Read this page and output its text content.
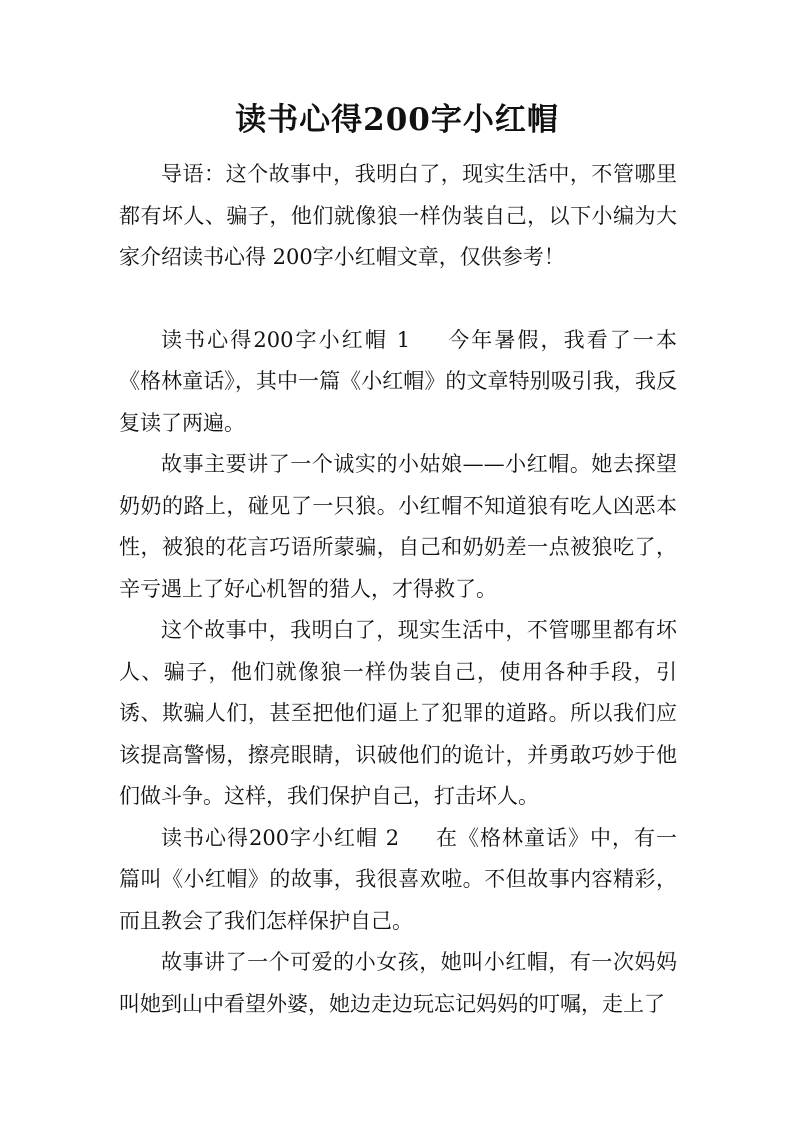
读书心得200字小红帽

导语：这个故事中，我明白了，现实生活中，不管哪里都有坏人、骗子，他们就像狼一样伪装自己，以下小编为大家介绍读书心得 200字小红帽文章，仅供参考！

读书心得200字小红帽 1 今年暑假，我看了一本《格林童话》，其中一篇《小红帽》的文章特别吸引我，我反复读了两遍。

故事主要讲了一个诚实的小姑娘——小红帽。她去探望奶奶的路上，碰见了一只狼。小红帽不知道狼有吃人凶恶本性，被狼的花言巧语所蒙骗，自己和奶奶差一点被狼吃了，辛亏遇上了好心机智的猎人，才得救了。

这个故事中，我明白了，现实生活中，不管哪里都有坏人、骗子，他们就像狼一样伪装自己，使用各种手段，引诱、欺骗人们，甚至把他们逼上了犯罪的道路。所以我们应该提高警惕，擦亮眼睛，识破他们的诡计，并勇敢巧妙于他们做斗争。这样，我们保护自己，打击坏人。

读书心得200字小红帽 2 在《格林童话》中，有一篇叫《小红帽》的故事，我很喜欢啦。不但故事内容精彩，而且教会了我们怎样保护自己。

故事讲了一个可爱的小女孩，她叫小红帽，有一次妈妈叫她到山中看望外婆，她边走边玩忘记妈妈的叮嘱，走上了
